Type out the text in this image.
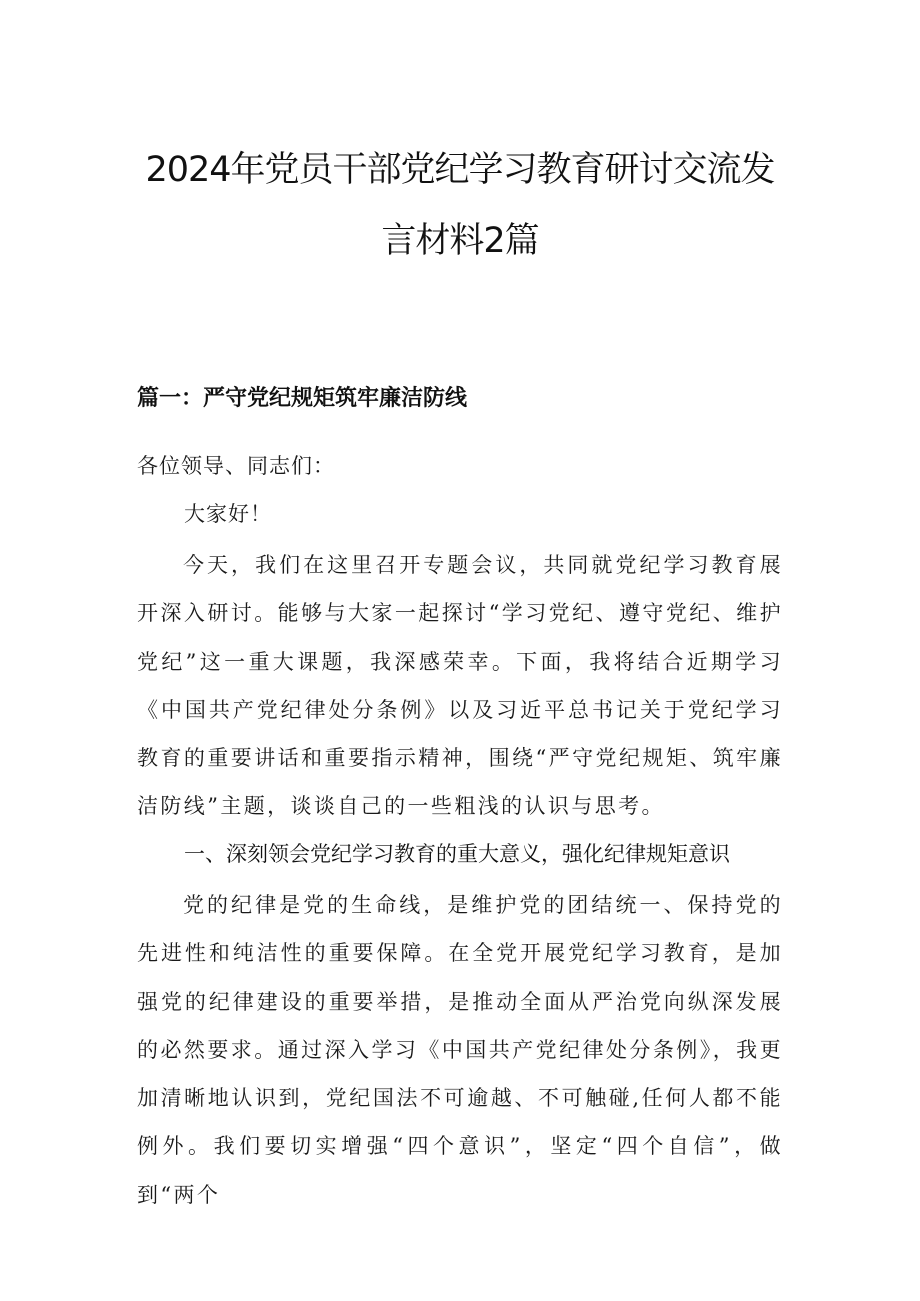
2024年党员干部党纪学习教育研讨交流发
言材料2篇
篇一：严守党纪规矩筑牢廉洁防线
各位领导、同志们：
大家好！

今天，我们在这里召开专题会议，共同就党纪学习教育展开深入研讨。能够与大家一起探讨“学习党纪、遵守党纪、维护党纪”这一重大课题，我深感荣幸。下面，我将结合近期学习《中国共产党纪律处分条例》以及习近平总书记关于党纪学习教育的重要讲话和重要指示精神，围绕“严守党纪规矩、筑牢廉洁防线”主题，谈谈自己的一些粗浅的认识与思考。

一、深刻领会党纪学习教育的重大意义，强化纪律规矩意识

党的纪律是党的生命线，是维护党的团结统一、保持党的先进性和纯洁性的重要保障。在全党开展党纪学习教育，是加强党的纪律建设的重要举措，是推动全面从严治党向纵深发展的必然要求。通过深入学习《中国共产党纪律处分条例》，我更加清晰地认识到，党纪国法不可逾越、不可触碰,任何人都不能例外。我们要切实增强“四个意识”，坚定“四个自信”，做到“两个
